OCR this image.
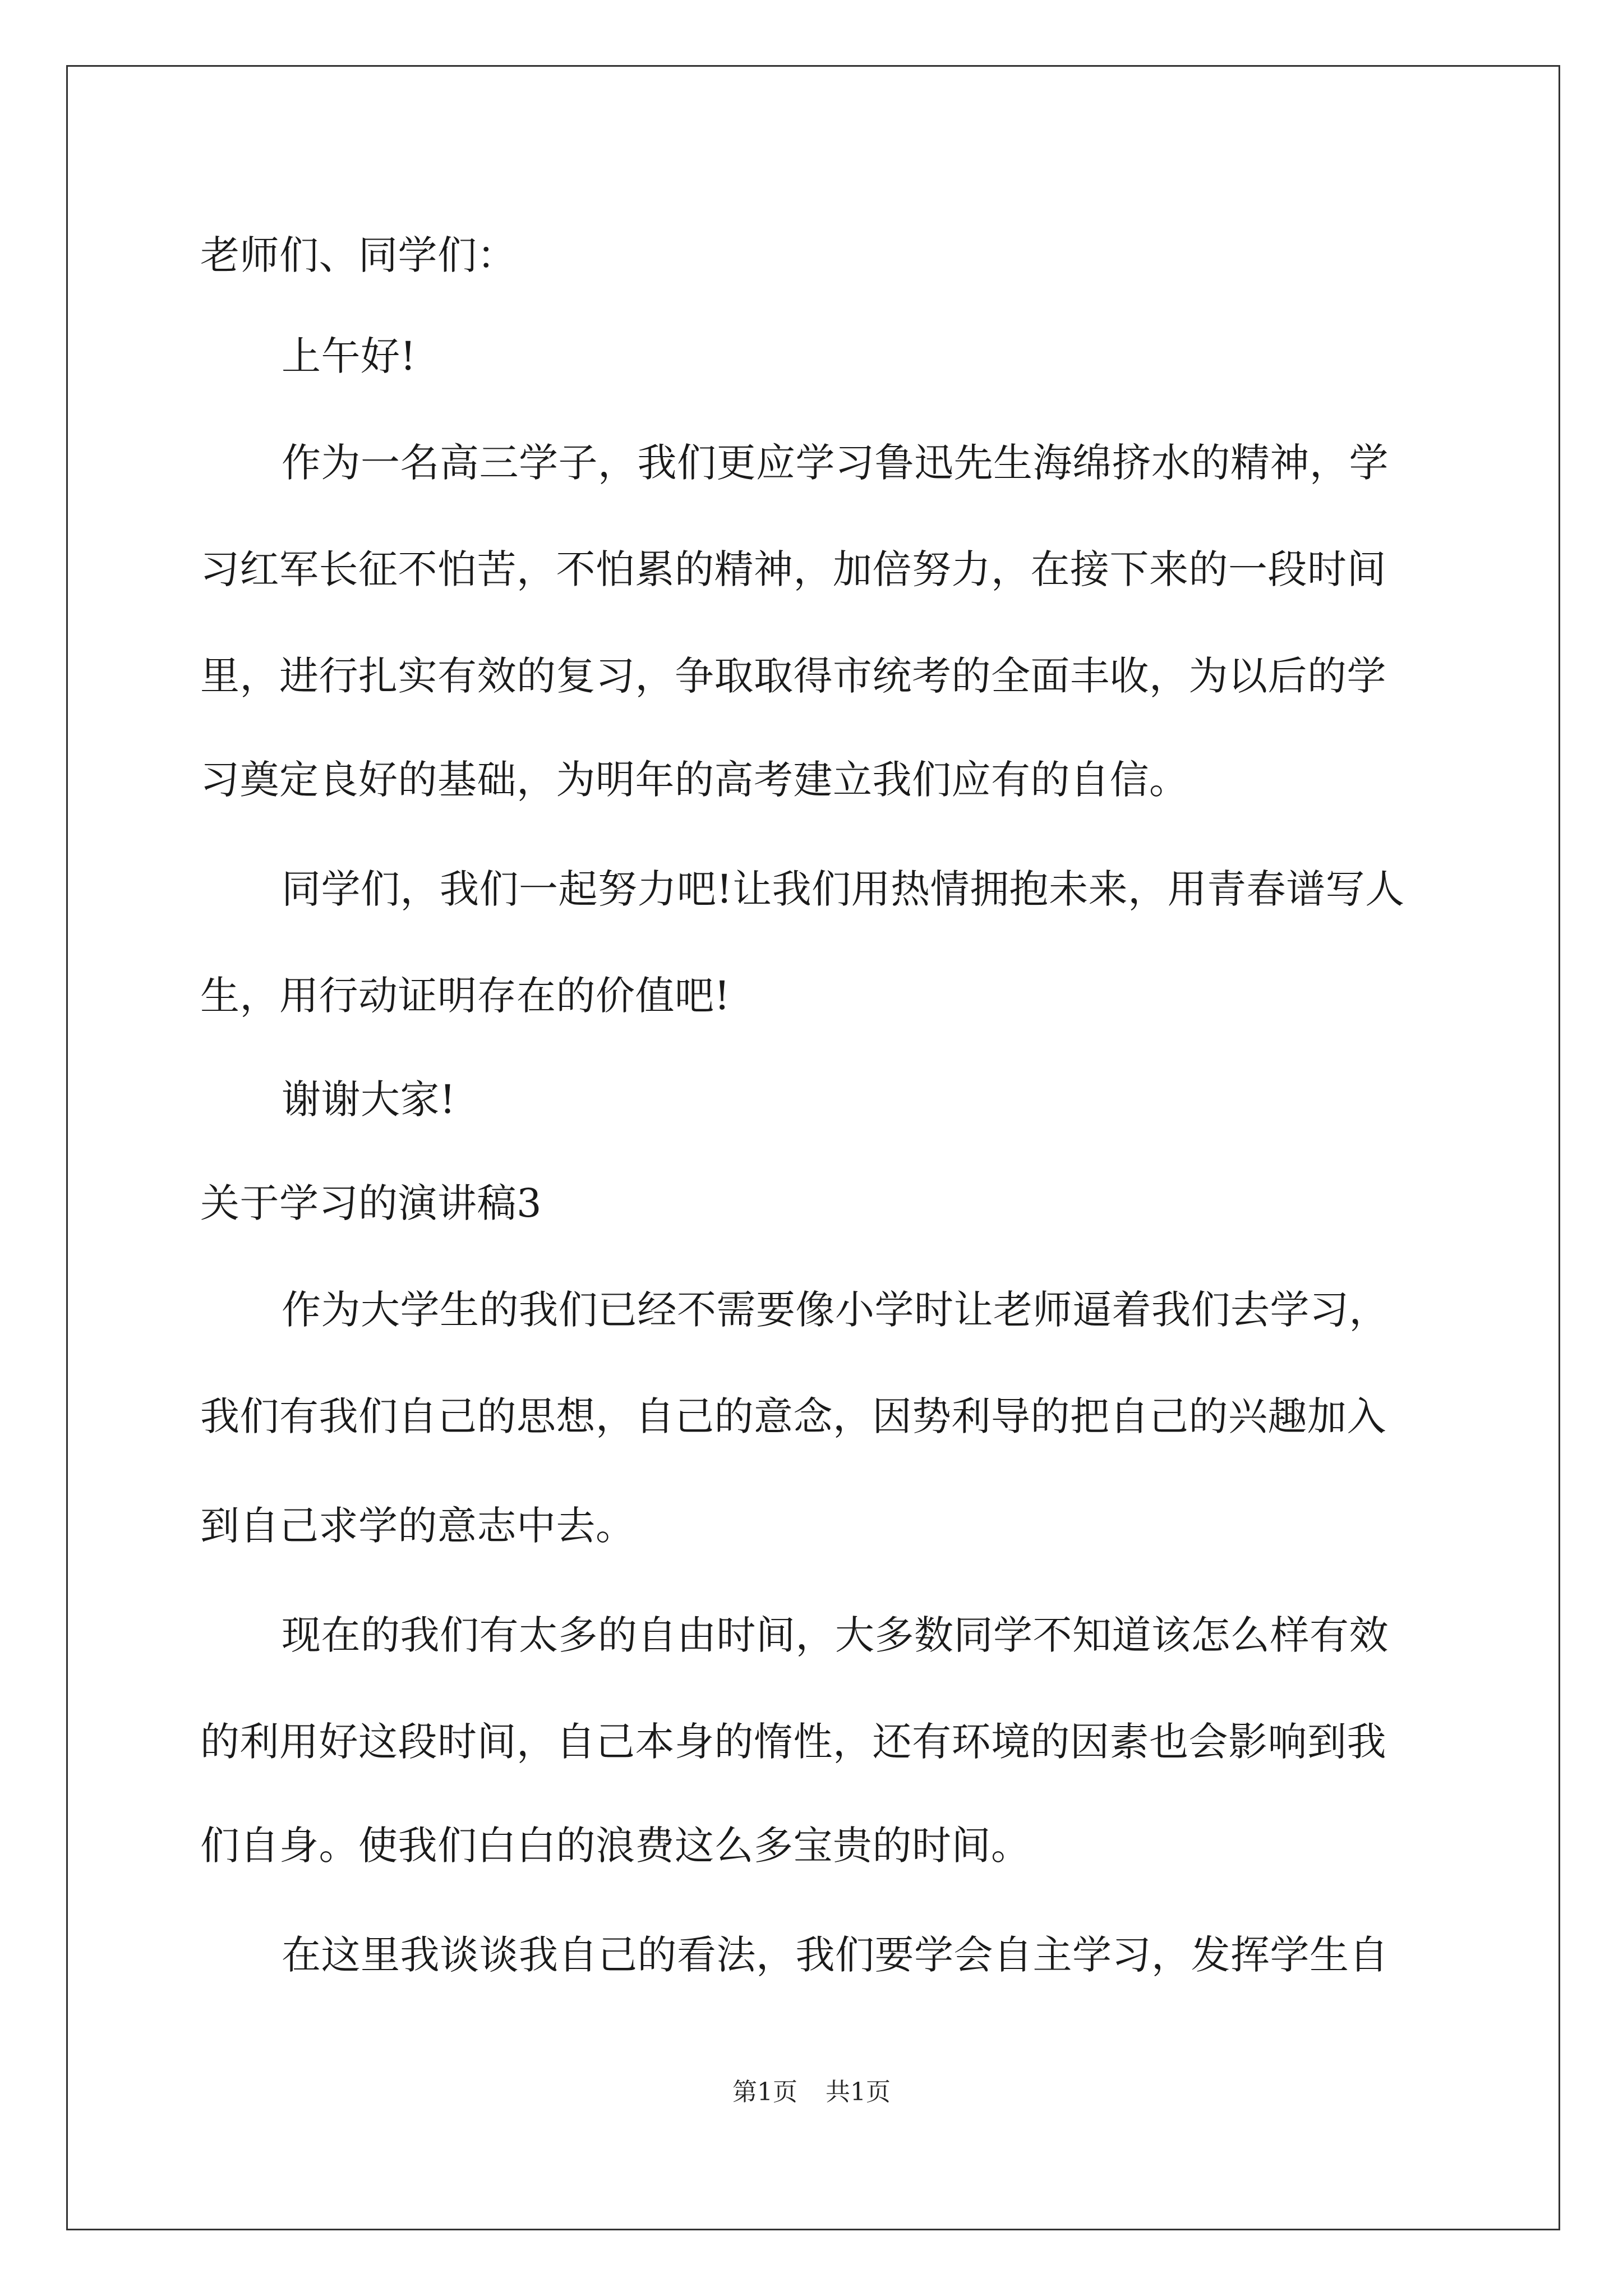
老师们、同学们：
上午好!
作为一名高三学子，我们更应学习鲁迅先生海绵挤水的精神，学
习红军长征不怕苦，不怕累的精神，加倍努力，在接下来的一段时间
里，进行扎实有效的复习，争取取得市统考的全面丰收，为以后的学
习奠定良好的基础，为明年的高考建立我们应有的自信。
同学们，我们一起努力吧!让我们用热情拥抱未来，用青春谱写人
生，用行动证明存在的价值吧!
谢谢大家!
关于学习的演讲稿3
作为大学生的我们已经不需要像小学时让老师逼着我们去学习，
我们有我们自己的思想，自己的意念，因势利导的把自己的兴趣加入
到自己求学的意志中去。
现在的我们有太多的自由时间，大多数同学不知道该怎么样有效
的利用好这段时间，自己本身的惰性，还有环境的因素也会影响到我
们自身。使我们白白的浪费这么多宝贵的时间。
在这里我谈谈我自己的看法，我们要学会自主学习，发挥学生自
第1页 共1页
